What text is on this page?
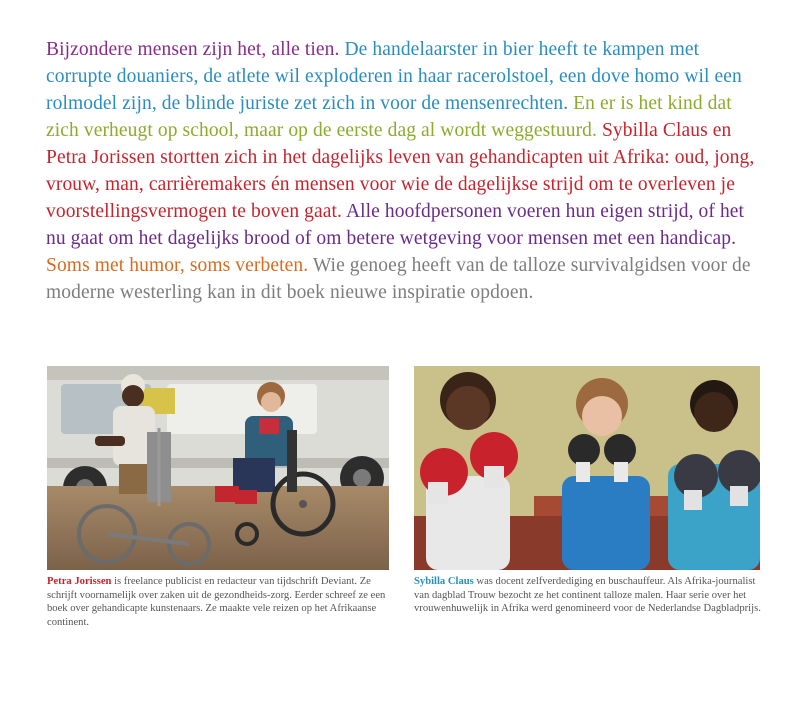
Bijzondere mensen zijn het, alle tien. De handelaarster in bier heeft te kampen met corrupte douaniers, de atlete wil exploderen in haar racerolstoel, een dove homo wil een rolmodel zijn, de blinde juriste zet zich in voor de mensenrechten. En er is het kind dat zich verheugt op school, maar op de eerste dag al wordt weggestuurd. Sybilla Claus en Petra Jorissen stortten zich in het dagelijks leven van gehandicapten uit Afrika: oud, jong, vrouw, man, carrièremakers én mensen voor wie de dagelijkse strijd om te overleven je voorstellingsvermogen te boven gaat. Alle hoofdpersonen voeren hun eigen strijd, of het nu gaat om het dagelijks brood of om betere wetgeving voor mensen met een handicap. Soms met humor, soms verbeten. Wie genoeg heeft van de talloze survivalgidsen voor de moderne westerling kan in dit boek nieuwe inspiratie opdoen.

Petra Jorissen is freelance publicist en redacteur van tijdschrift Deviant. Ze schrijft voornamelijk over zaken uit de gezondheids-zorg. Eerder schreef ze een boek over gehandicapte kunstenaars. Ze maakte vele reizen op het Afrikaanse continent.

Sybilla Claus was docent zelfverdediging en buschauffeur. Als Afrika-journalist van dagblad Trouw bezocht ze het continent talloze malen. Haar serie over het vrouwenhuwelijk in Afrika werd genomineerd voor de Nederlandse Dagbladprijs.
